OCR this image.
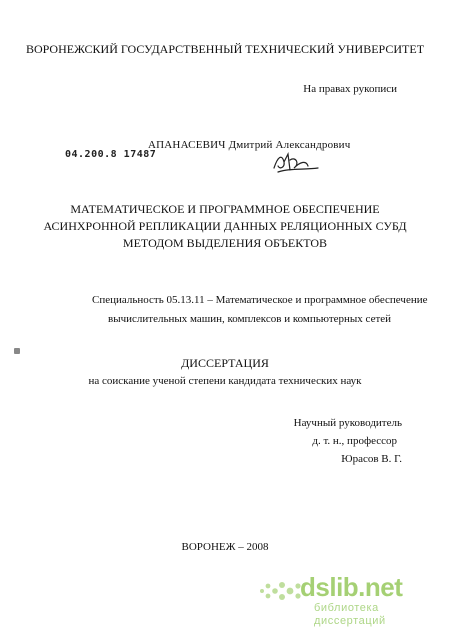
ВОРОНЕЖСКИЙ ГОСУДАРСТВЕННЫЙ ТЕХНИЧЕСКИЙ УНИВЕРСИТЕТ
На правах рукописи
АПАНАСЕВИЧ Дмитрий Александрович
04.200.8 17487
МАТЕМАТИЧЕСКОЕ И ПРОГРАММНОЕ ОБЕСПЕЧЕНИЕ
АСИНХРОННОЙ РЕПЛИКАЦИИ ДАННЫХ РЕЛЯЦИОННЫХ СУБД
МЕТОДОМ ВЫДЕЛЕНИЯ ОБЪЕКТОВ
Специальность 05.13.11 – Математическое и программное обеспечение
вычислительных машин, комплексов и компьютерных сетей
ДИССЕРТАЦИЯ
на соискание ученой степени кандидата технических наук
Научный руководитель
д. т. н., профессор
Юрасов В. Г.
ВОРОНЕЖ – 2008
dslib.net
библиотека диссертаций
